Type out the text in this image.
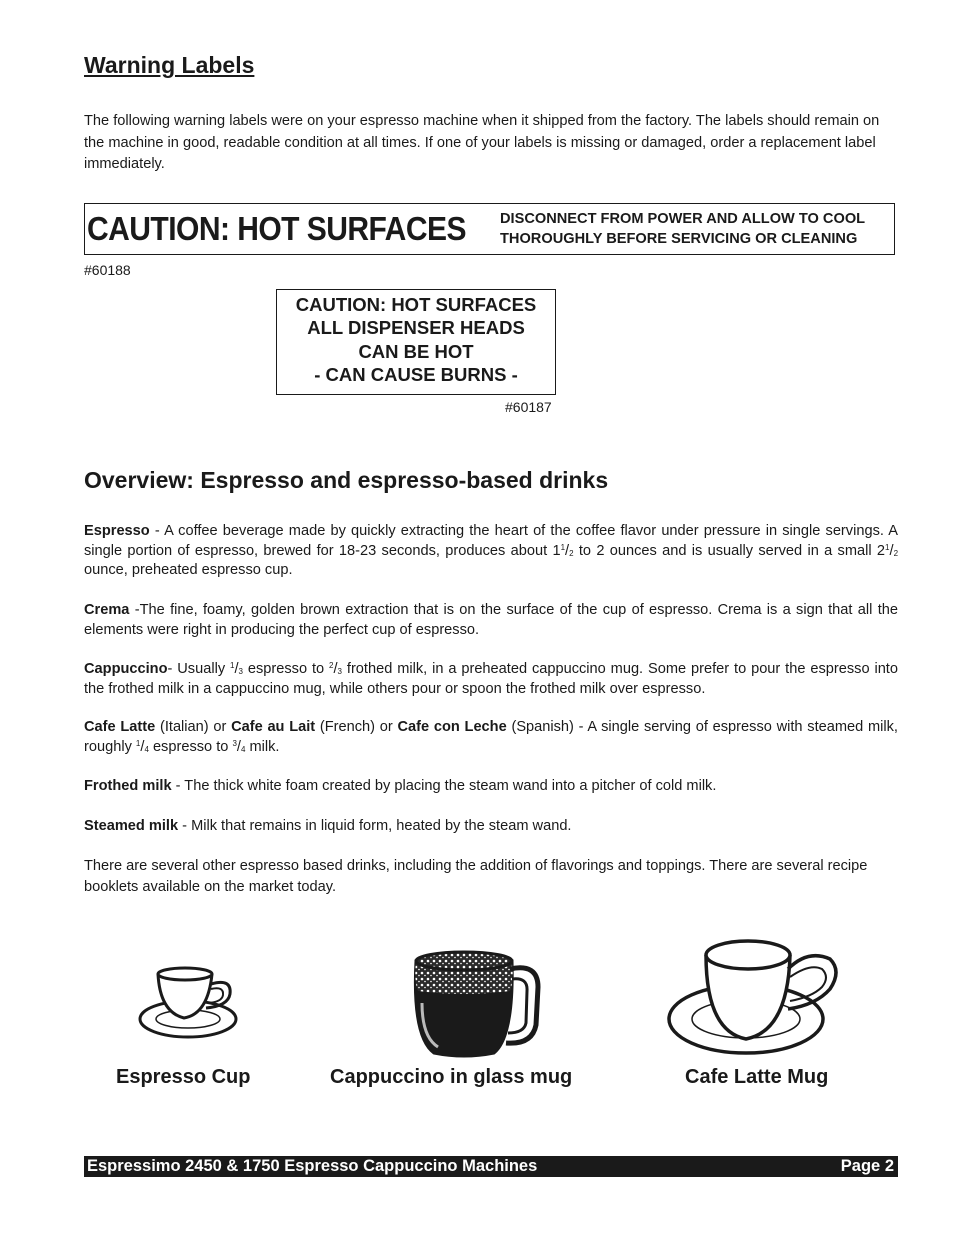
Warning Labels

The following warning labels were on your espresso machine when it shipped from the factory. The labels should remain on the machine in good, readable condition at all times. If one of your labels is missing or damaged, order a replacement label immediately.

CAUTION: HOT SURFACES DISCONNECT FROM POWER AND ALLOW TO COOL
THOROUGHLY BEFORE SERVICING OR CLEANING
#60188
CAUTION: HOT SURFACES
ALL DISPENSER HEADS
CAN BE HOT
- CAN CAUSE BURNS -
#60187
Overview: Espresso and espresso-based drinks

Espresso - A coffee beverage made by quickly extracting the heart of the coffee flavor under pressure in single servings. A single portion of espresso, brewed for 18-23 seconds, produces about $1^1/2$ to 2 ounces and is usually served in a small $2^1/2$ ounce, preheated espresso cup.

Crema -The fine, foamy, golden brown extraction that is on the surface of the cup of espresso. Crema is a sign that all the elements were right in producing the perfect cup of espresso.

Cappuccino- Usually $^1$/3 espresso to $^2$/3 frothed milk, in a preheated cappuccino mug. Some prefer to pour the espresso into the frothed milk in a cappuccino mug, while others pour or spoon the frothed milk over espresso.

Cafe Latte (Italian) or Cafe au Lait (French) or Cafe con Leche (Spanish) - A single serving of espresso with steamed milk, roughly $^1$/4 espresso to $^3$/4 milk.

Frothed milk - The thick white foam created by placing the steam wand into a pitcher of cold milk.

Steamed milk - Milk that remains in liquid form, heated by the steam wand.

There are several other espresso based drinks, including the addition of flavorings and toppings. There are several recipe booklets available on the market today.

Espresso Cup	Cappuccino in glass mug	Cafe Latte Mug
Espressimo 2450 & 1750 Espresso Cappuccino Machines	Page 2
